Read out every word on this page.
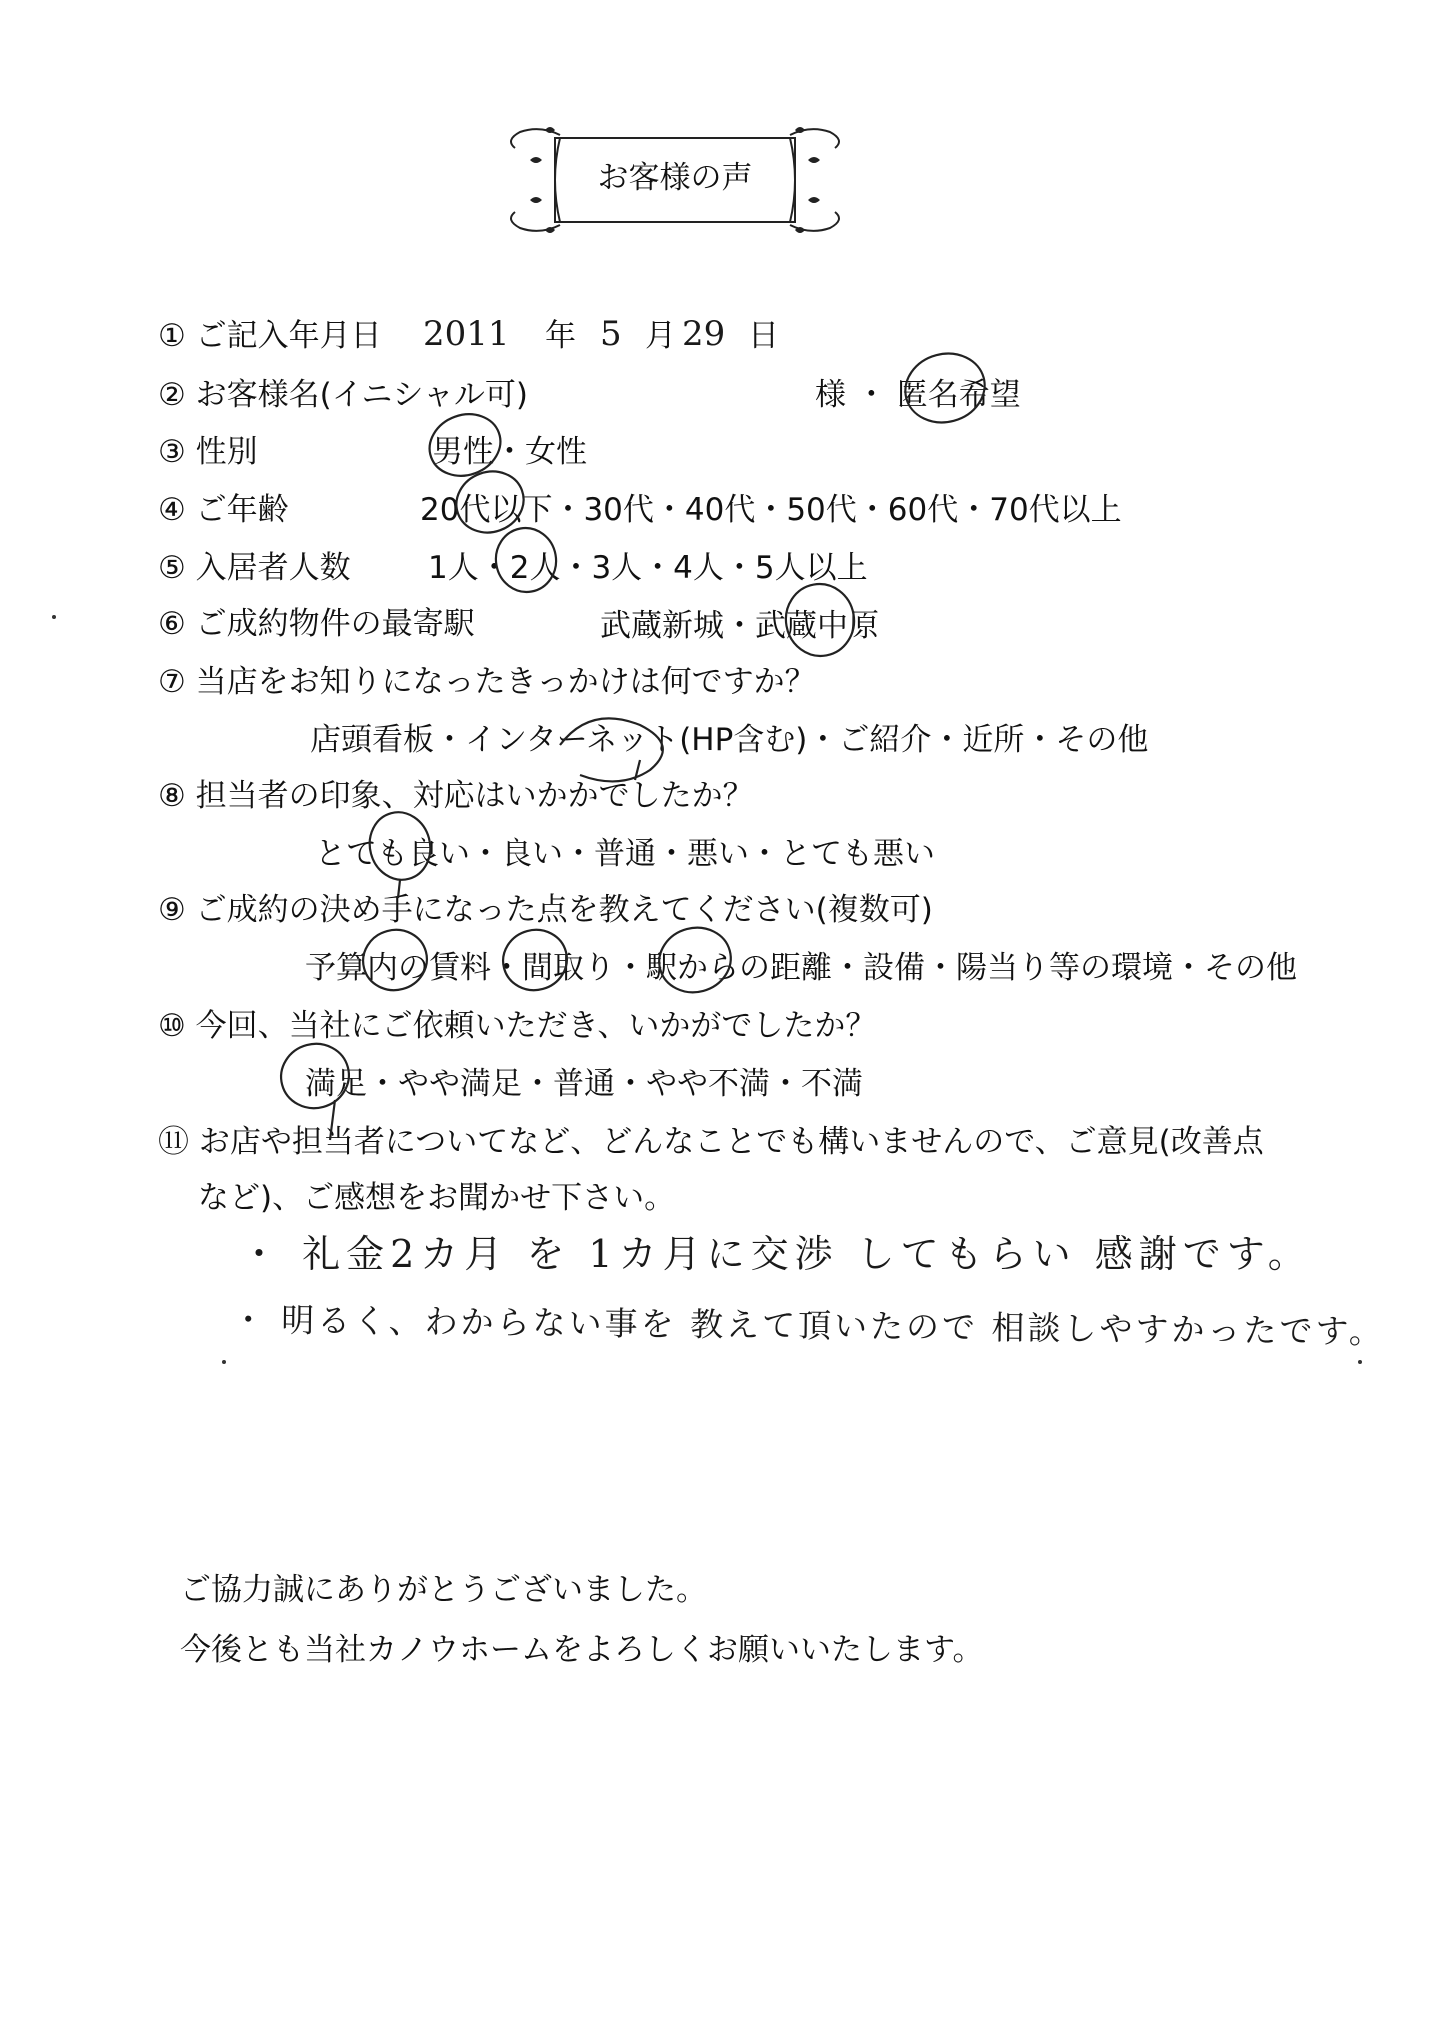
お客様の声
① ご記入年月日 2011 年 5 月 29 日
② お客様名(イニシャル可)	様 ・ 匿名希望
③ 性別	男性・女性
④ ご年齢	20代以下・30代・40代・50代・60代・70代以上
⑤ 入居者人数 1人・2人・3人・4人・5人以上
⑥ ご成約物件の最寄駅	武蔵新城・武蔵中原
⑦ 当店をお知りになったきっかけは何ですか？
店頭看板・インターネット(HP含む)・ご紹介・近所・その他
⑧ 担当者の印象、対応はいかかでしたか？
とても良い・良い・普通・悪い・とても悪い
⑨ ご成約の決め手になった点を教えてください(複数可)
予算内の賃料・間取り・駅からの距離・設備・陽当り等の環境・その他
⑩ 今回、当社にご依頼いただき、いかがでしたか？
満足・やや満足・普通・やや不満・不満
⑪ お店や担当者についてなど、どんなことでも構いませんので、ご意見(改善点
など)、ご感想をお聞かせ下さい。
・ 礼金2カ月 を 1カ月に交渉 してもらい 感謝です。
・ 明るく、わからない事を 教えて頂いたので 相談しやすかったです。
ご協力誠にありがとうございました。
今後とも当社カノウホームをよろしくお願いいたします。
